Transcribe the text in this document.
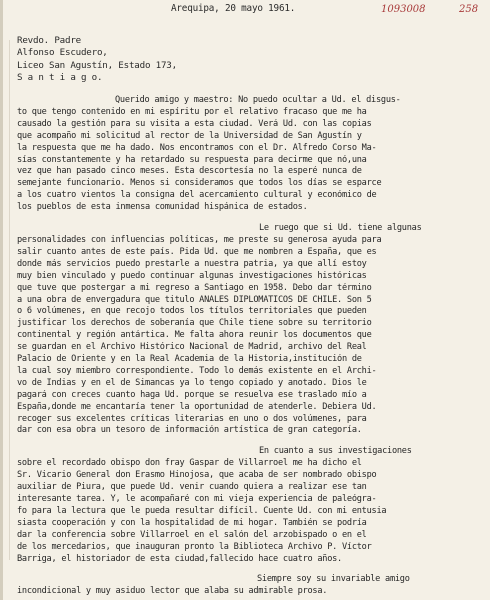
Arequipa, 20 mayo 1961.	1093008	258
Revdo. Padre
Alfonso Escudero,
Liceo San Agustín, Estado 173,
S a n t i a g o.
Querido amigo y maestro: No puedo ocultar a Ud. el disgus-
to que tengo contenido en mi espíritu por el relativo fracaso que me ha
causado la gestión para su visita a esta ciudad. Verá Ud. con las copias
que acompaño mi solicitud al rector de la Universidad de San Agustín y
la respuesta que me ha dado. Nos encontramos con el Dr. Alfredo Corso Ma-
sías constantemente y ha retardado su respuesta para decirme que nó,una
vez que han pasado cinco meses. Esta descortesía no la esperé nunca de
semejante funcionario. Menos si consideramos que todos los días se esparce
a los cuatro vientos la consigna del acercamiento cultural y económico de
los pueblos de esta inmensa comunidad hispánica de estados.
Le ruego que si Ud. tiene algunas
personalidades con influencias políticas, me preste su generosa ayuda para
salir cuanto antes de este país. Pida Ud. que me nombren a España, que es
donde más servicios puedo prestarle a nuestra patria, ya que allí estoy
muy bien vinculado y puedo continuar algunas investigaciones históricas
que tuve que postergar a mi regreso a Santiago en 1958. Debo dar término
a una obra de envergadura que titulo ANALES DIPLOMATICOS DE CHILE. Son 5
o 6 volúmenes, en que recojo todos los títulos territoriales que pueden
justificar los derechos de soberanía que Chile tiene sobre su territorio
continental y región antártica. Me falta ahora reunir los documentos que
se guardan en el Archivo Histórico Nacional de Madrid, archivo del Real
Palacio de Oriente y en la Real Academia de la Historia,institución de
la cual soy miembro correspondiente. Todo lo demás existente en el Archi-
vo de Indias y en el de Simancas ya lo tengo copiado y anotado. Dios le
pagará con creces cuanto haga Ud. porque se resuelva ese traslado mío a
España,donde me encantaría tener la oportunidad de atenderle. Debiera Ud.
recoger sus excelentes críticas literarias en uno o dos volúmenes, para
dar con esa obra un tesoro de información artística de gran categoría.
En cuanto a sus investigaciones
sobre el recordado obispo don fray Gaspar de Villarroel me ha dicho el
Sr. Vicario General don Erasmo Hinojosa, que acaba de ser nombrado obispo
auxiliar de Piura, que puede Ud. venir cuando quiera a realizar ese tan
interesante tarea. Y, le acompañaré con mi vieja experiencia de paleógra-
fo para la lectura que le pueda resultar difícil. Cuente Ud. con mi entusia
siasta cooperación y con la hospitalidad de mi hogar. También se podría
dar la conferencia sobre Villarroel en el salón del arzobispado o en el
de los mercedarios, que inauguran pronto la Biblioteca Archivo P. Víctor
Barriga, el historiador de esta ciudad,fallecido hace cuatro años.
Siempre soy su invariable amigo
incondicional y muy asiduo lector que alaba su admirable prosa.
